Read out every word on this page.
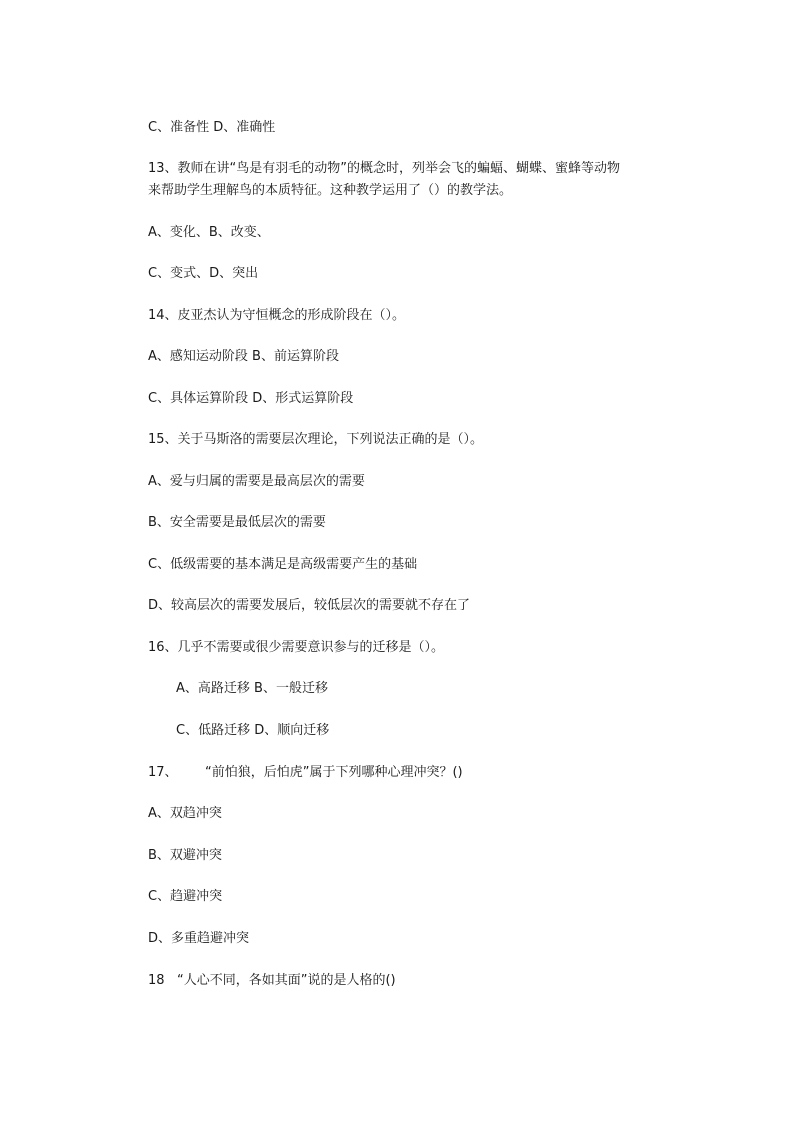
C、准备性 D、准确性
13、教师在讲“鸟是有羽毛的动物”的概念时，列举会飞的蝙蝠、蝴蝶、蜜蜂等动物
来帮助学生理解鸟的本质特征。这种教学运用了（）的教学法。
A、变化、B、改变、
C、变式、D、突出
14、皮亚杰认为守恒概念的形成阶段在（）。
A、感知运动阶段 B、前运算阶段
C、具体运算阶段 D、形式运算阶段
15、关于马斯洛的需要层次理论，下列说法正确的是（）。
A、爱与归属的需要是最高层次的需要
B、安全需要是最低层次的需要
C、低级需要的基本满足是高级需要产生的基础
D、较高层次的需要发展后，较低层次的需要就不存在了
16、几乎不需要或很少需要意识参与的迁移是（）。
A、高路迁移 B、一般迁移
C、低路迁移 D、顺向迁移
17、 “前怕狼，后怕虎”属于下列哪种心理冲突？()
A、双趋冲突
B、双避冲突
C、趋避冲突
D、多重趋避冲突
18 “人心不同，各如其面”说的是人格的()
